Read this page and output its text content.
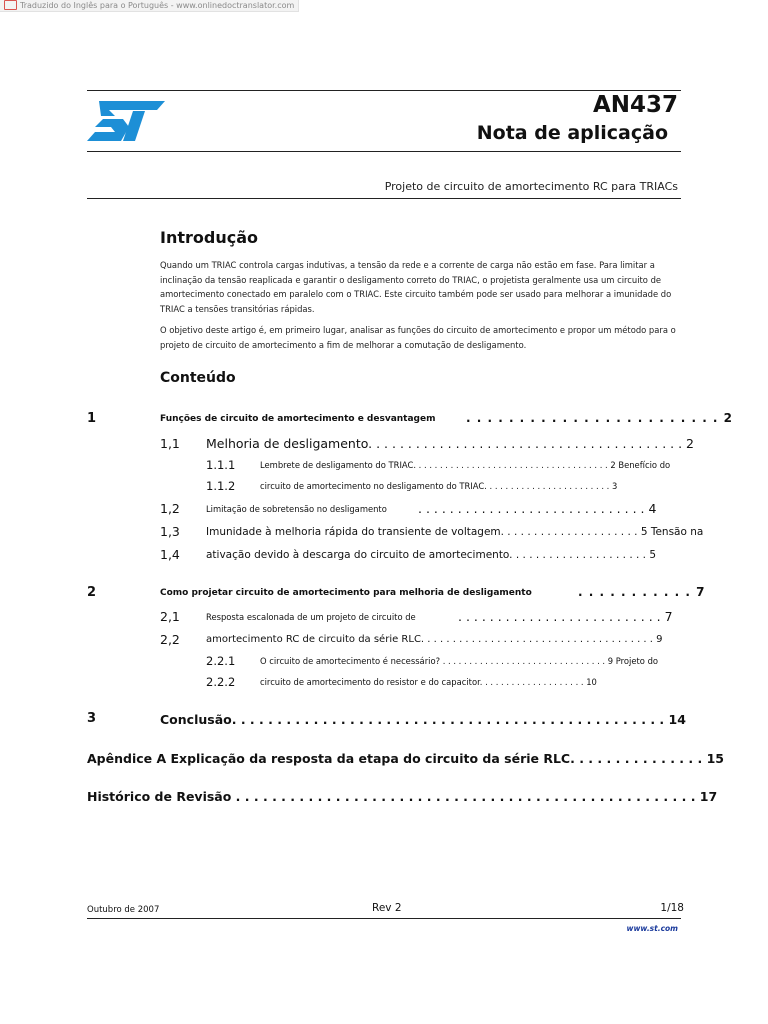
Traduzido do Inglês para o Português - www.onlinedoctranslator.com
AN437
Nota de aplicação
Projeto de circuito de amortecimento RC para TRIACs
Introdução
Quando um TRIAC controla cargas indutivas, a tensão da rede e a corrente de carga não estão em fase. Para limitar a inclinação da tensão reaplicada e garantir o desligamento correto do TRIAC, o projetista geralmente usa um circuito de amortecimento conectado em paralelo com o TRIAC. Este circuito também pode ser usado para melhorar a imunidade do TRIAC a tensões transitórias rápidas.
O objetivo deste artigo é, em primeiro lugar, analisar as funções do circuito de amortecimento e propor um método para o projeto de circuito de amortecimento a fim de melhorar a comutação de desligamento.
Conteúdo
1	Funções de circuito de amortecimento e desvantagem	. . . . . . . . . . . . . . . . . . . . . . . . 2
1,1 Melhoria de desligamento. . . . . . . . . . . . . . . . . . . . . . . . . . . . . . . . . . . . . . . . 2
1.1.1	Lembrete de desligamento do TRIAC. . . . . . . . . . . . . . . . . . . . . . . . . . . . . . . . . . . . . 2 Benefício do
1.1.2	circuito de amortecimento no desligamento do TRIAC. . . . . . . . . . . . . . . . . . . . . . . . 3
1,2	Limitação de sobretensão no desligamento . . . . . . . . . . . . . . . . . . . . . . . . . . . . . 4
1,3 Imunidade à melhoria rápida do transiente de voltagem. . . . . . . . . . . . . . . . . . . . . 5 Tensão na
1,4 ativação devido à descarga do circuito de amortecimento. . . . . . . . . . . . . . . . . . . . . 5
2	Como projetar circuito de amortecimento para melhoria de desligamento	. . . . . . . . . . . 7
2,1	Resposta escalonada de um projeto de circuito de	. . . . . . . . . . . . . . . . . . . . . . . . . . 7
2,2	amortecimento RC de circuito da série RLC. . . . . . . . . . . . . . . . . . . . . . . . . . . . . . . . . . . . . 9
2.2.1	O circuito de amortecimento é necessário? . . . . . . . . . . . . . . . . . . . . . . . . . . . . . . . 9 Projeto do
2.2.2	circuito de amortecimento do resistor e do capacitor. . . . . . . . . . . . . . . . . . . . 10
3	Conclusão. . . . . . . . . . . . . . . . . . . . . . . . . . . . . . . . . . . . . . . . . . . . . . . . 14
Apêndice A Explicação da resposta da etapa do circuito da série RLC. . . . . . . . . . . . . . . 15
Histórico de Revisão . . . . . . . . . . . . . . . . . . . . . . . . . . . . . . . . . . . . . . . . . . . . . . . . . . . 17
Outubro de 2007	Rev 2	1/18
www.st.com
